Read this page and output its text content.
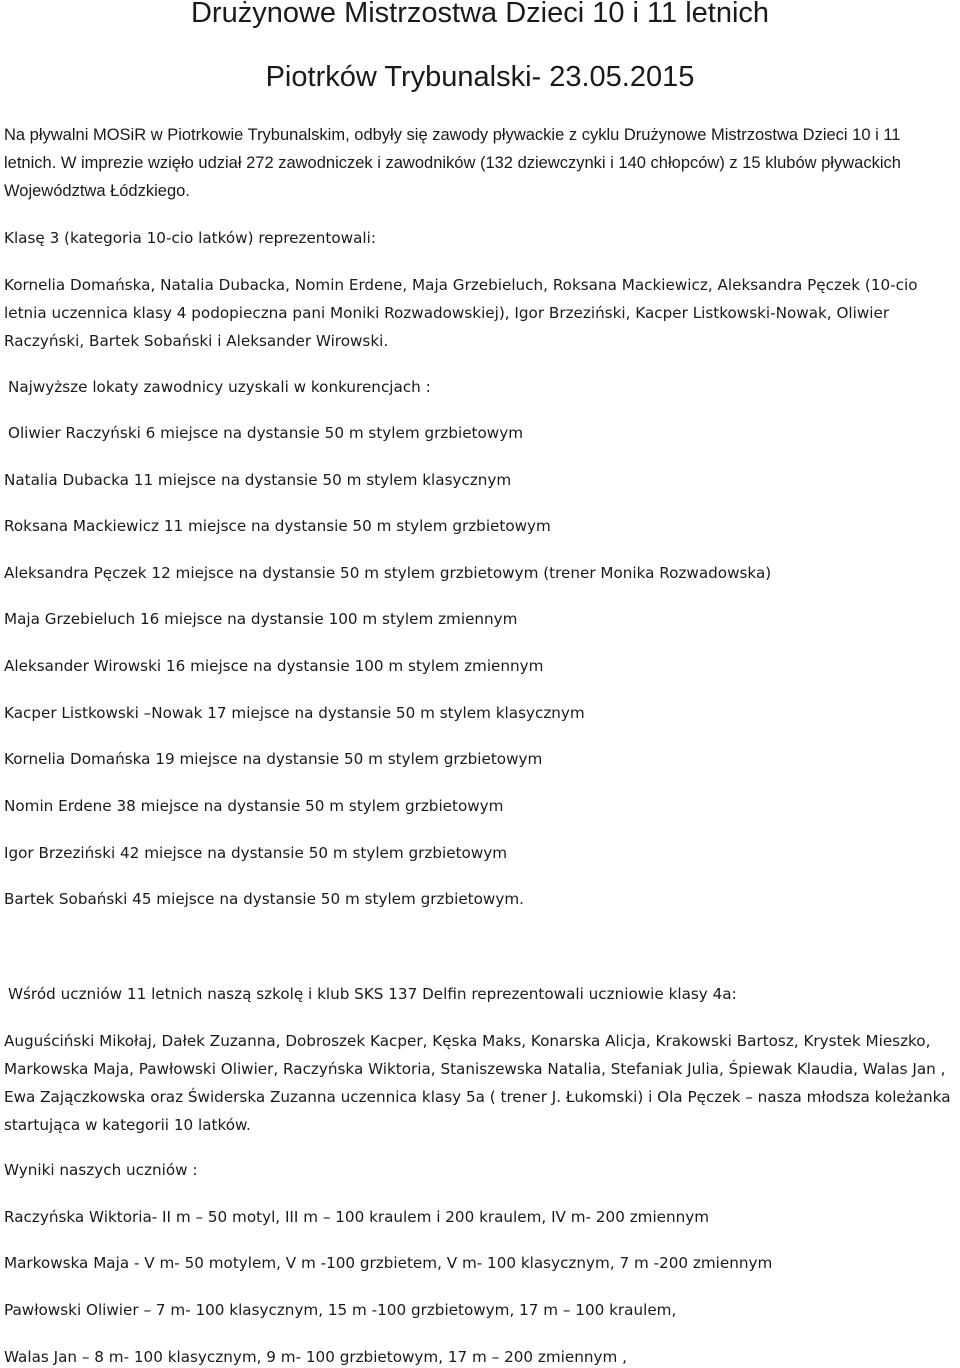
Drużynowe Mistrzostwa Dzieci 10 i 11 letnich
Piotrków Trybunalski- 23.05.2015

Na pływalni MOSiR w Piotrkowie Trybunalskim, odbyły się zawody pływackie z cyklu Drużynowe Mistrzostwa Dzieci 10 i 11 letnich. W imprezie wzięło udział 272 zawodniczek i zawodników (132 dziewczynki i 140 chłopców) z 15 klubów pływackich Województwa Łódzkiego.

Klasę 3 (kategoria 10-cio latków) reprezentowali:

Kornelia Domańska, Natalia Dubacka, Nomin Erdene, Maja Grzebieluch, Roksana Mackiewicz, Aleksandra Pęczek (10-cio letnia uczennica klasy 4 podopieczna pani Moniki Rozwadowskiej), Igor Brzeziński, Kacper Listkowski-Nowak, Oliwier Raczyński, Bartek Sobański i Aleksander Wirowski.

Najwyższe lokaty zawodnicy uzyskali w konkurencjach :

Oliwier Raczyński 6 miejsce na dystansie 50 m stylem grzbietowym

Natalia Dubacka 11 miejsce na dystansie 50 m stylem klasycznym

Roksana Mackiewicz 11 miejsce na dystansie 50 m stylem grzbietowym

Aleksandra Pęczek 12 miejsce na dystansie 50 m stylem grzbietowym (trener Monika Rozwadowska)

Maja Grzebieluch 16 miejsce na dystansie 100 m stylem zmiennym

Aleksander Wirowski 16 miejsce na dystansie 100 m stylem zmiennym

Kacper Listkowski –Nowak 17 miejsce na dystansie 50 m stylem klasycznym

Kornelia Domańska 19 miejsce na dystansie 50 m stylem grzbietowym

Nomin Erdene 38 miejsce na dystansie 50 m stylem grzbietowym

Igor Brzeziński 42 miejsce na dystansie 50 m stylem grzbietowym

Bartek Sobański 45 miejsce na dystansie 50 m stylem grzbietowym.

Wśród uczniów 11 letnich naszą szkolę i klub SKS 137 Delfin reprezentowali uczniowie klasy 4a:

Auguściński Mikołaj, Dałek Zuzanna, Dobroszek Kacper, Kęska Maks, Konarska Alicja, Krakowski Bartosz, Krystek Mieszko, Markowska Maja, Pawłowski Oliwier, Raczyńska Wiktoria, Staniszewska Natalia, Stefaniak Julia, Śpiewak Klaudia, Walas Jan , Ewa Zajączkowska oraz Świderska Zuzanna uczennica klasy 5a ( trener J. Łukomski) i Ola Pęczek – nasza młodsza koleżanka startująca w kategorii 10 latków.

Wyniki naszych uczniów :

Raczyńska Wiktoria- II m – 50 motyl, III m – 100 kraulem i 200 kraulem, IV m- 200 zmiennym

Markowska Maja - V m- 50 motylem, V m -100 grzbietem, V m- 100 klasycznym, 7 m -200 zmiennym

Pawłowski Oliwier – 7 m- 100 klasycznym, 15 m -100 grzbietowym, 17 m – 100 kraulem,

Walas Jan – 8 m- 100 klasycznym, 9 m- 100 grzbietowym, 17 m – 200 zmiennym ,
